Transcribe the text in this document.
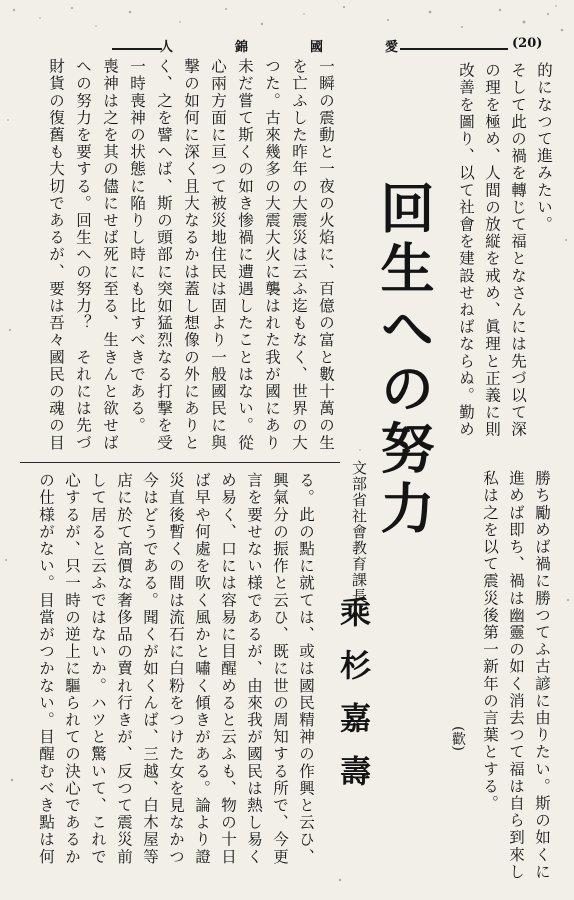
人	錦	國	愛	(20)
的になつて進みたい。
そして此の禍を轉じて福となさんには先づ以て深
の理を極め、人間の放縦を戒め、眞理と正義に則
改善を圖り、以て社會を建設せねばならぬ。勤め
勝ち勵めば禍に勝つてふ古諺に由りたい。斯の如くに
進めば即ち、禍は幽靈の如く消去つて福は自ら到來し
私は之を以て震災後第一新年の言葉とする。
(歡)
回生への努力
文部省社會教育課長
乘杉嘉壽
一瞬の震動と一夜の火焰に、百億の富と數十萬の生
を亡ふした昨年の大震災は云ふ迄もなく、世界の大
つた。古來幾多の大震大火に襲はれた我が國にあり
未だ嘗て斯くの如き惨禍に遭遇したことはない。從
心兩方面に亘つて被災地住民は固より一般國民に與
撃の如何に深く且大なるかは蓋し想像の外にありと
く、之を譬へば、斯の頭部に突如猛烈なる打撃を受
一時喪神の状態に陥りし時にも比すべきである。
喪神は之を其の儘にせば死に至る、生きんと欲せば
への努力を要する。回生への努力？　それには先づ
財貨の復舊も大切であるが、要は吾々國民の魂の目
る。此の點に就ては、或は國民精神の作興と云ひ、
興氣分の振作と云ひ、既に世の周知する所で、今更
言を要せない様であるが、由來我が國民は熱し易く
め易く、口には容易に目醒めると云ふも、物の十日
ば早や何處を吹く風かと嘯く傾きがある。論より證
災直後暫くの間は流石に白粉をつけた女を見なかつ
今はどうである。聞くが如くんば、三越、白木屋等
店に於て高價な奢侈品の賣れ行きが、反つて震災前
して居ると云ふではないか。ハツと驚いて、これで
心するが、只一時の逆上に驅られての決心であるか
の仕様がない。目當がつかない。目醒むべき點は何
